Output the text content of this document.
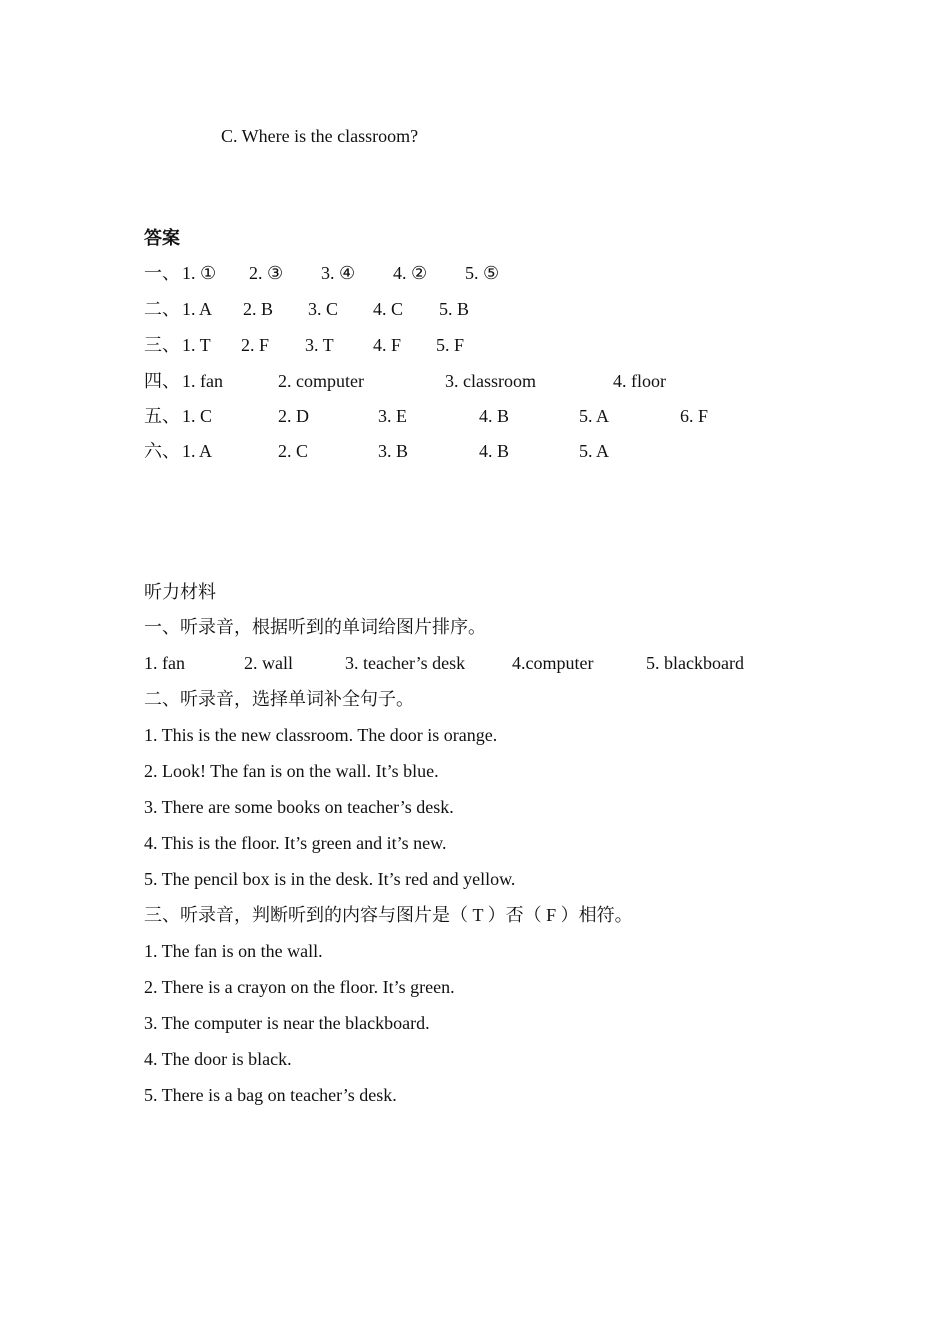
C. Where is the classroom?
答案
一、 1. ① 2. ③ 3. ④ 4. ② 5. ⑤
二、 1. A 2. B 3. C 4. C 5. B
三、 1. T 2. F 3. T 4. F 5. F
四、 1. fan	2. computer	3. classroom	4. floor
五、 1. C	2. D	3. E	4. B	5. A	6. F
六、 1. A	2. C	3. B	4. B	5. A
听力材料
一、听录音，根据听到的单词给图片排序。
1. fan	2. wall	3. teacher’s desk	4.computer	5. blackboard
二、听录音，选择单词补全句子。
1. This is the new classroom. The door is orange.
2. Look! The fan is on the wall. It’s blue.
3. There are some books on teacher’s desk.
4. This is the floor. It’s green and it’s new.
5. The pencil box is in the desk. It’s red and yellow.
三、听录音，判断听到的内容与图片是（ T ）否（ F ）相符。
1. The fan is on the wall.
2. There is a crayon on the floor. It’s green.
3. The computer is near the blackboard.
4. The door is black.
5. There is a bag on teacher’s desk.
